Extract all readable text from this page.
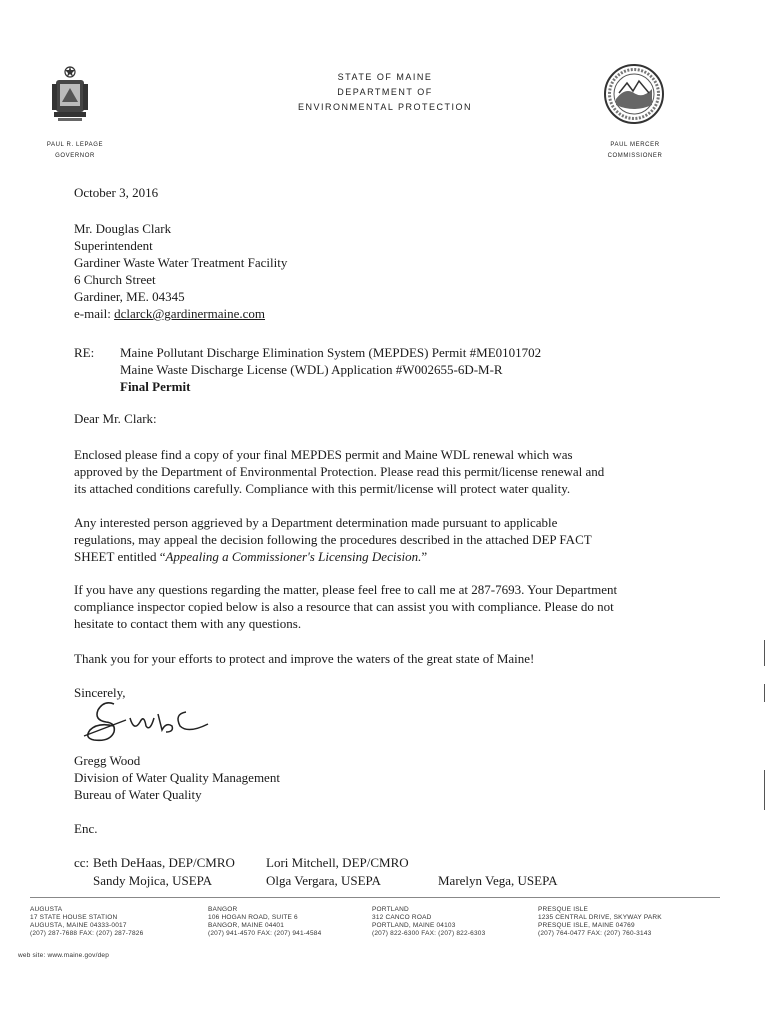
STATE OF MAINE
DEPARTMENT OF
ENVIRONMENTAL PROTECTION
PAUL R. LEPAGE
GOVERNOR
PAUL MERCER
COMMISSIONER
October 3, 2016
Mr. Douglas Clark
Superintendent
Gardiner Waste Water Treatment Facility
6 Church Street
Gardiner, ME. 04345
e-mail: dclarck@gardinermaine.com
RE: Maine Pollutant Discharge Elimination System (MEPDES) Permit #ME0101702
Maine Waste Discharge License (WDL) Application #W002655-6D-M-R
Final Permit
Dear Mr. Clark:
Enclosed please find a copy of your final MEPDES permit and Maine WDL renewal which was
approved by the Department of Environmental Protection. Please read this permit/license renewal and
its attached conditions carefully. Compliance with this permit/license will protect water quality.
Any interested person aggrieved by a Department determination made pursuant to applicable
regulations, may appeal the decision following the procedures described in the attached DEP FACT
SHEET entitled “Appealing a Commissioner's Licensing Decision.”
If you have any questions regarding the matter, please feel free to call me at 287-7693. Your Department
compliance inspector copied below is also a resource that can assist you with compliance. Please do not
hesitate to contact them with any questions.
Thank you for your efforts to protect and improve the waters of the great state of Maine!
Sincerely,
Gregg Wood
Division of Water Quality Management
Bureau of Water Quality
Enc.
cc: Beth DeHaas, DEP/CMRO Lori Mitchell, DEP/CMRO
Sandy Mojica, USEPA	Olga Vergara, USEPA	Marelyn Vega, USEPA
AUGUSTA
17 STATE HOUSE STATION
AUGUSTA, MAINE 04333-0017
(207) 287-7688 FAX: (207) 287-7826
BANGOR
106 HOGAN ROAD, SUITE 6
BANGOR, MAINE 04401
(207) 941-4570 FAX: (207) 941-4584
PORTLAND
312 CANCO ROAD
PORTLAND, MAINE 04103
(207) 822-6300 FAX: (207) 822-6303
PRESQUE ISLE
1235 CENTRAL DRIVE, SKYWAY PARK
PRESQUE ISLE, MAINE 04769
(207) 764-0477 FAX: (207) 760-3143
web site: www.maine.gov/dep
